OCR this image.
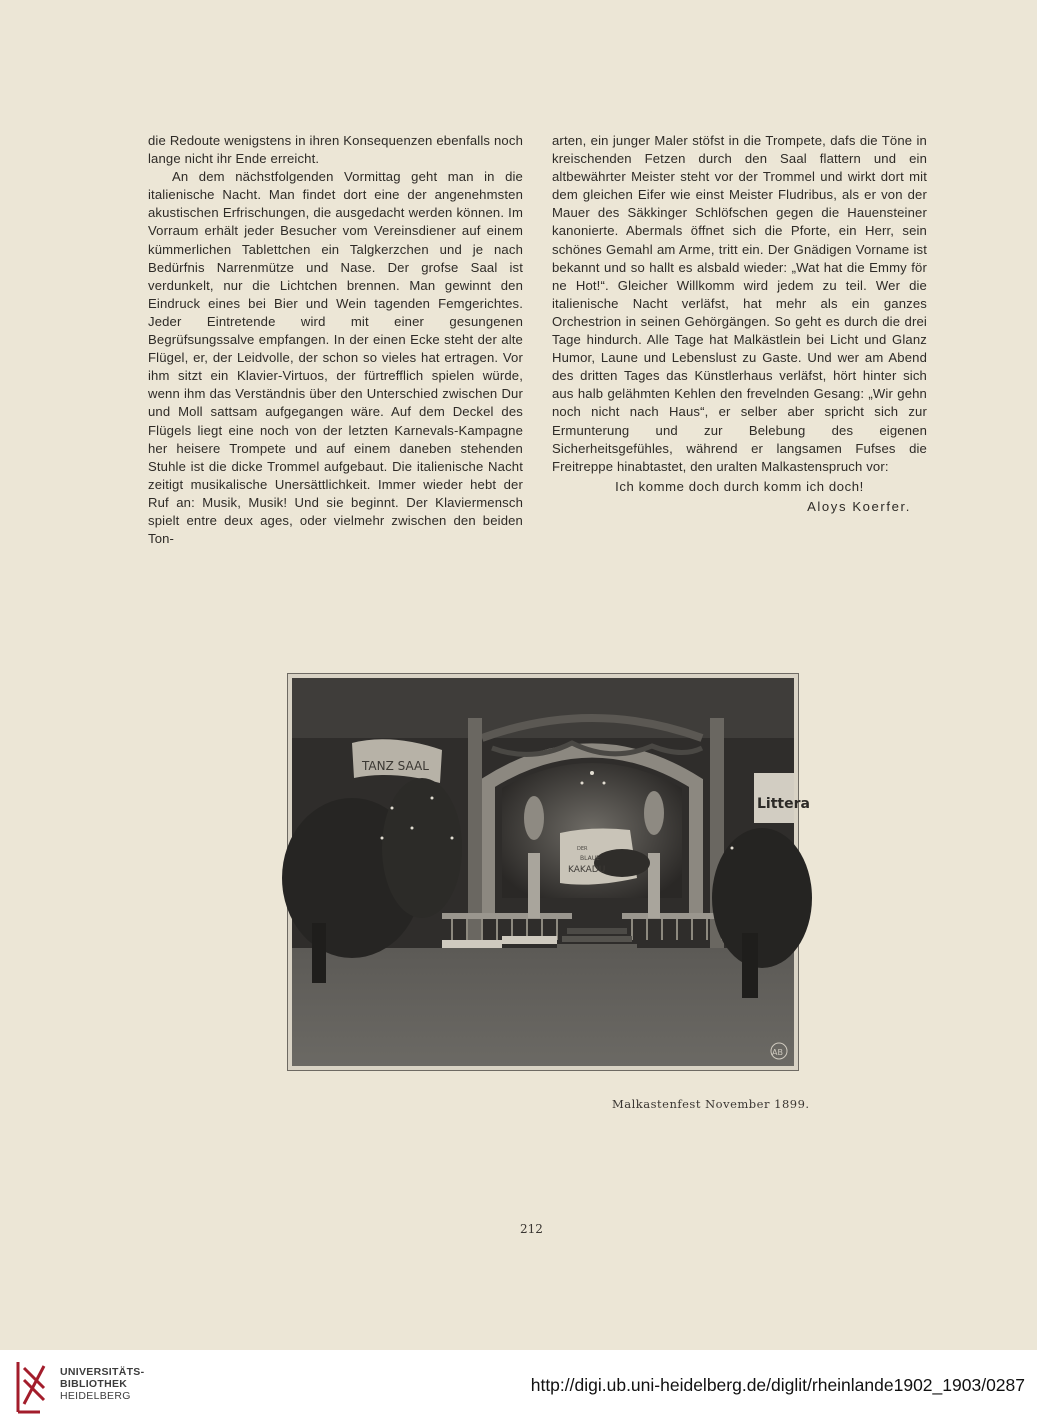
die Redoute wenigstens in ihren Konsequenzen ebenfalls noch lange nicht ihr Ende erreicht.

An dem nächstfolgenden Vormittag geht man in die italienische Nacht. Man findet dort eine der angenehmsten akustischen Erfrischungen, die ausgedacht werden können. Im Vorraum erhält jeder Besucher vom Vereinsdiener auf einem kümmerlichen Tablettchen ein Talgkerzchen und je nach Bedürfnis Narrenmütze und Nase. Der grofse Saal ist verdunkelt, nur die Lichtchen brennen. Man gewinnt den Eindruck eines bei Bier und Wein tagenden Femgerichtes. Jeder Eintretende wird mit einer gesungenen Begrüfsungssalve empfangen. In der einen Ecke steht der alte Flügel, er, der Leidvolle, der schon so vieles hat ertragen. Vor ihm sitzt ein Klavier-Virtuos, der fürtrefflich spielen würde, wenn ihm das Verständnis über den Unterschied zwischen Dur und Moll sattsam aufgegangen wäre. Auf dem Deckel des Flügels liegt eine noch von der letzten Karnevals-Kampagne her heisere Trompete und auf einem daneben stehenden Stuhle ist die dicke Trommel aufgebaut. Die italienische Nacht zeitigt musikalische Unersättlichkeit. Immer wieder hebt der Ruf an: Musik, Musik! Und sie beginnt. Der Klaviermensch spielt entre deux ages, oder vielmehr zwischen den beiden Ton-

arten, ein junger Maler stöfst in die Trompete, dafs die Töne in kreischenden Fetzen durch den Saal flattern und ein altbewährter Meister steht vor der Trommel und wirkt dort mit dem gleichen Eifer wie einst Meister Fludribus, als er von der Mauer des Säkkinger Schlöfschen gegen die Hauensteiner kanonierte. Abermals öffnet sich die Pforte, ein Herr, sein schönes Gemahl am Arme, tritt ein. Der Gnädigen Vorname ist bekannt und so hallt es alsbald wieder: „Wat hat die Emmy för ne Hot!“. Gleicher Willkomm wird jedem zu teil. Wer die italienische Nacht verläfst, hat mehr als ein ganzes Orchestrion in seinen Gehörgängen. So geht es durch die drei Tage hindurch. Alle Tage hat Malkästlein bei Licht und Glanz Humor, Laune und Lebenslust zu Gaste. Und wer am Abend des dritten Tages das Künstlerhaus verläfst, hört hinter sich aus halb gelähmten Kehlen den frevelnden Gesang: „Wir gehn noch nicht nach Haus“, er selber aber spricht sich zur Ermunterung und zur Belebung des eigenen Sicherheitsgefühles, während er langsamen Fufses die Freitreppe hinabtastet, den uralten Malkastenspruch vor:

Ich komme doch durch komm ich doch!

Aloys Koerfer.

DER
BLAUE
KAKADU
TANZ SAAL
Littera
AB
Malkastenfest November 1899.
212
UNIVERSITÄTS-
BIBLIOTHEK
HEIDELBERG
http://digi.ub.uni-heidelberg.de/diglit/rheinlande1902_1903/0287
